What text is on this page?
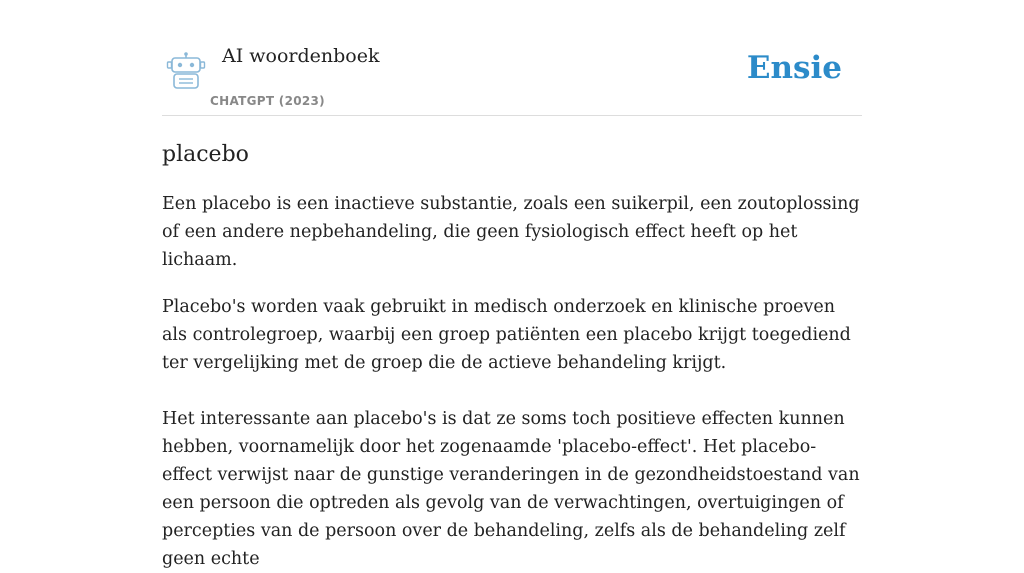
AI woordenboek
CHATGPT (2023)
Ensie
placebo

Een placebo is een inactieve substantie, zoals een suikerpil, een zoutoplossing of een andere nepbehandeling, die geen fysiologisch effect heeft op het lichaam.

Placebo's worden vaak gebruikt in medisch onderzoek en klinische proeven als controlegroep, waarbij een groep patiënten een placebo krijgt toegediend ter vergelijking met de groep die de actieve behandeling krijgt.

Het interessante aan placebo's is dat ze soms toch positieve effecten kunnen hebben, voornamelijk door het zogenaamde 'placebo-effect'. Het placebo-effect verwijst naar de gunstige veranderingen in de gezondheidstoestand van een persoon die optreden als gevolg van de verwachtingen, overtuigingen of percepties van de persoon over de behandeling, zelfs als de behandeling zelf geen echte
